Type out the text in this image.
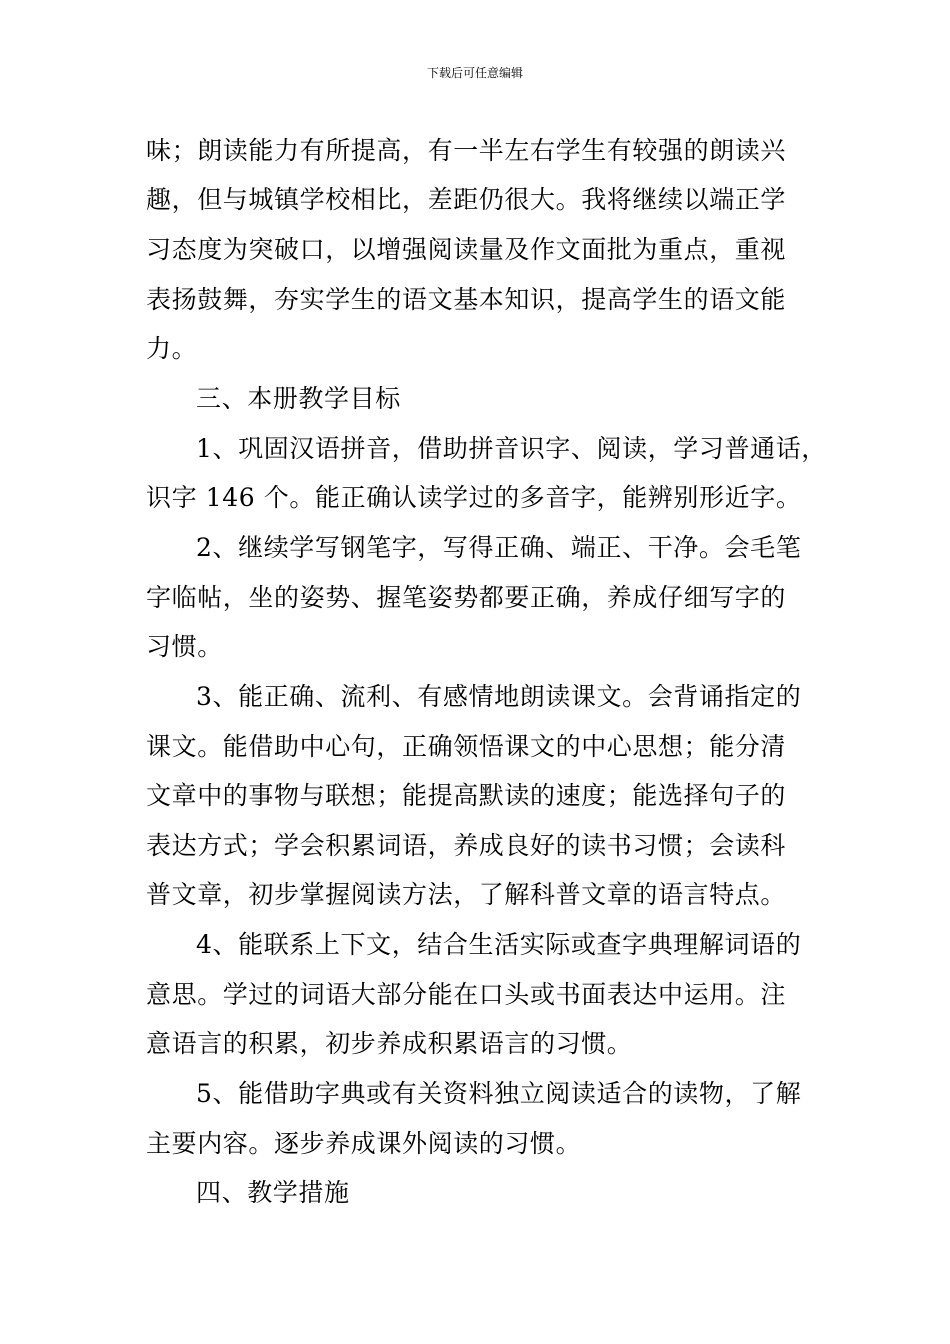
下载后可任意编辑
味；朗读能力有所提高，有一半左右学生有较强的朗读兴
趣，但与城镇学校相比，差距仍很大。我将继续以端正学
习态度为突破口，以增强阅读量及作文面批为重点，重视
表扬鼓舞，夯实学生的语文基本知识，提高学生的语文能
力。
三、本册教学目标
1、巩固汉语拼音，借助拼音识字、阅读，学习普通话，
识字 146 个。能正确认读学过的多音字，能辨别形近字。
2、继续学写钢笔字，写得正确、端正、干净。会毛笔
字临帖，坐的姿势、握笔姿势都要正确，养成仔细写字的
习惯。
3、能正确、流利、有感情地朗读课文。会背诵指定的
课文。能借助中心句，正确领悟课文的中心思想；能分清
文章中的事物与联想；能提高默读的速度；能选择句子的
表达方式；学会积累词语，养成良好的读书习惯；会读科
普文章，初步掌握阅读方法，了解科普文章的语言特点。
4、能联系上下文，结合生活实际或查字典理解词语的
意思。学过的词语大部分能在口头或书面表达中运用。注
意语言的积累，初步养成积累语言的习惯。
5、能借助字典或有关资料独立阅读适合的读物，了解
主要内容。逐步养成课外阅读的习惯。
四、教学措施
